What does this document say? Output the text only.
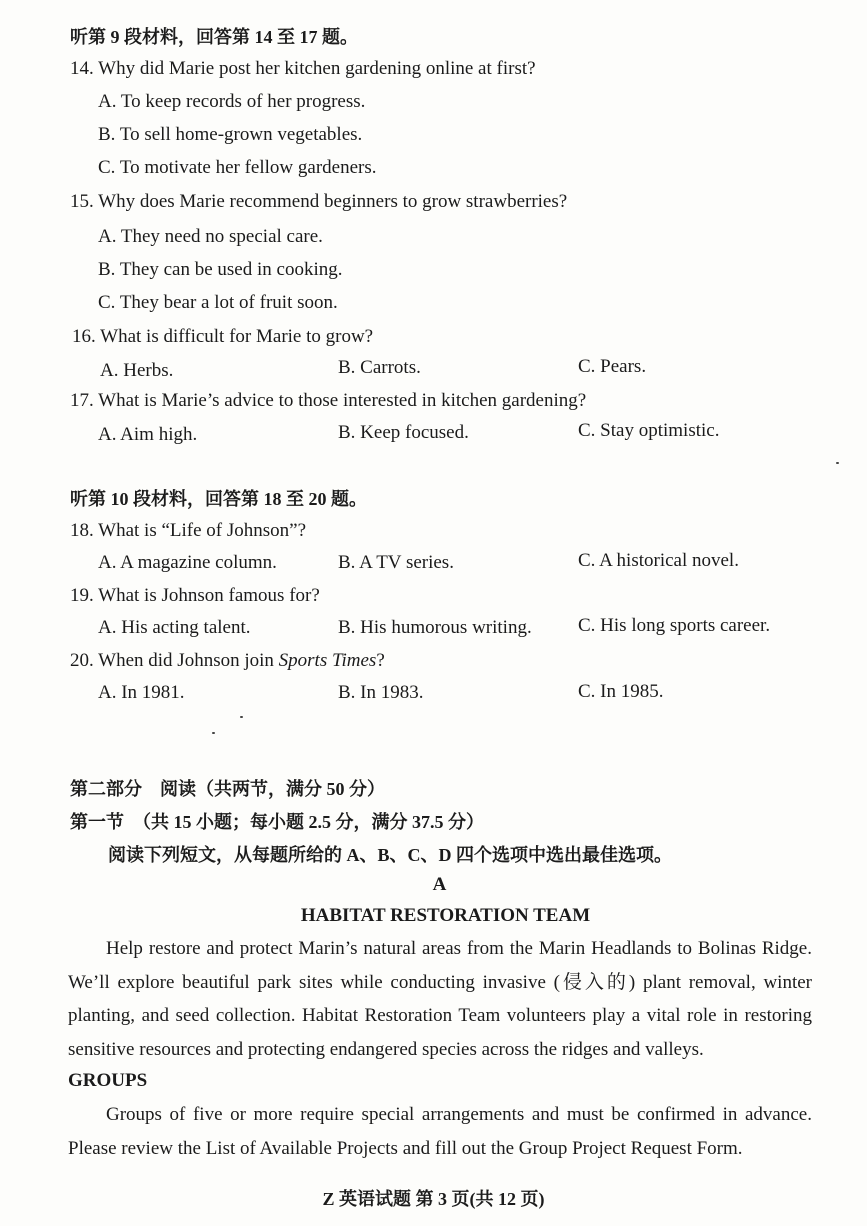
听第 9 段材料，回答第 14 至 17 题。
14. Why did Marie post her kitchen gardening online at first?
A. To keep records of her progress.
B. To sell home-grown vegetables.
C. To motivate her fellow gardeners.
15. Why does Marie recommend beginners to grow strawberries?
A. They need no special care.
B. They can be used in cooking.
C. They bear a lot of fruit soon.
16. What is difficult for Marie to grow?
A. Herbs.	B. Carrots.	C. Pears.
17. What is Marie’s advice to those interested in kitchen gardening?
A. Aim high.	B. Keep focused.	C. Stay optimistic.
听第 10 段材料，回答第 18 至 20 题。
18. What is “Life of Johnson”?
A. A magazine column.	B. A TV series.	C. A historical novel.
19. What is Johnson famous for?
A. His acting talent.	B. His humorous writing. C. His long sports career.
20. When did Johnson join Sports Times?
A. In 1981.	B. In 1983.	C. In 1985.
第二部分　阅读（共两节，满分 50 分）
第一节　（共 15 小题；每小题 2.5 分，满分 37.5 分）
阅读下列短文，从每题所给的 A、B、C、D 四个选项中选出最佳选项。
A
HABITAT RESTORATION TEAM
Help restore and protect Marin’s natural areas from the Marin Headlands to Bolinas Ridge. We’ll explore beautiful park sites while conducting invasive (侵入的) plant removal, winter planting, and seed collection. Habitat Restoration Team volunteers play a vital role in restoring sensitive resources and protecting endangered species across the ridges and valleys.
GROUPS
Groups of five or more require special arrangements and must be confirmed in advance. Please review the List of Available Projects and fill out the Group Project Request Form.
Z 英语试题 第 3 页(共 12 页)
